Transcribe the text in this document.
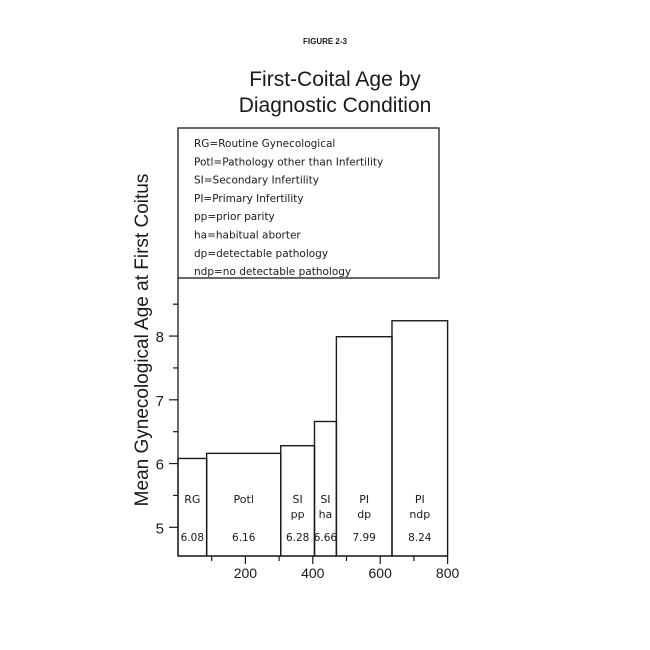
FIGURE 2-3
First-Coital Age by
Diagnostic Condition
Mean Gynecological Age at First Coitus
RG=Routine Gynecological
Potl=Pathology other than Infertility
SI=Secondary Infertility
PI=Primary Infertility
pp=prior parity
ha=habitual aborter
dp=detectable pathology
ndp=no detectable pathology
RG
6.08
Potl
6.16
SI
pp
6.28
SI
ha
6.66
PI
dp
7.99
PI
ndp
8.24
5
6
7
8
200	400	600	800
